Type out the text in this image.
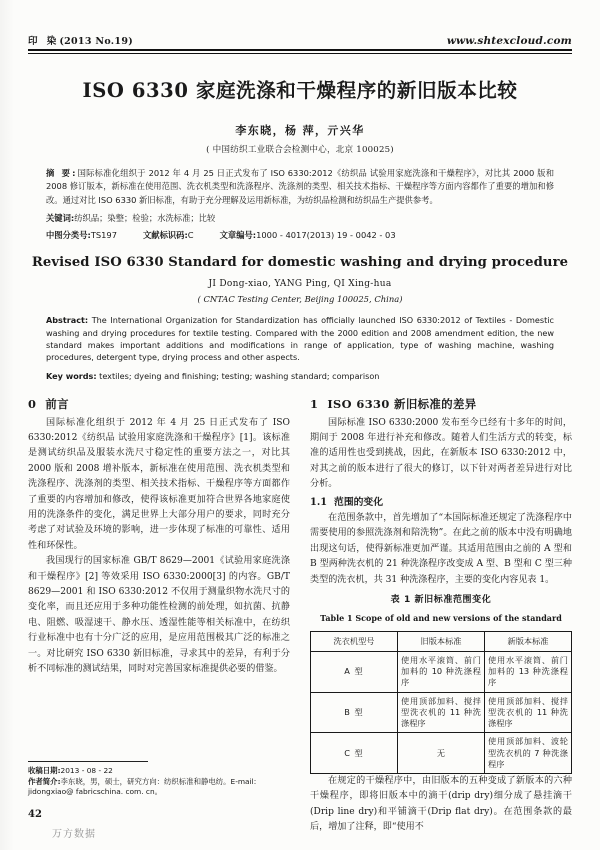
印 染(2013 No.19)	www.shtexcloud.com
ISO 6330 家庭洗涤和干燥程序的新旧版本比较
李东晓，杨 萍，亓兴华
( 中国纺织工业联合会检测中心，北京 100025)
摘 要:国际标准化组织于 2012 年 4 月 25 日正式发布了 ISO 6330:2012《纺织品 试验用家庭洗涤和干燥程序》，对比其 2000 版和 2008 修订版本，新标准在使用范围、洗衣机类型和洗涤程序、洗涤剂的类型、相关技术指标、干燥程序等方面内容都作了重要的增加和修改。通过对比 ISO 6330 新旧标准，有助于充分理解及运用新标准，为纺织品检测和纺织品生产提供参考。
关键词:纺织品；染整；检验；水洗标准；比较
中图分类号:TS197	文献标识码:C	文章编号:1000 - 4017(2013) 19 - 0042 - 03
Revised ISO 6330 Standard for domestic washing and drying procedure
JI Dong-xiao, YANG Ping, QI Xing-hua
( CNTAC Testing Center, Beijing 100025, China)
Abstract: The International Organization for Standardization has officially launched ISO 6330:2012 of Textiles - Domestic washing and drying procedures for textile testing. Compared with the 2000 edition and 2008 amendment edition, the new standard makes important additions and modifications in range of application, type of washing machine, washing procedures, detergent type, drying process and other aspects.
Key words: textiles; dyeing and finishing; testing; washing standard; comparison
0 前言

国际标准化组织于 2012 年 4 月 25 日正式发布了 ISO 6330:2012《纺织品 试验用家庭洗涤和干燥程序》[1]。该标准是测试纺织品及服装水洗尺寸稳定性的重要方法之一，对比其 2000 版和 2008 增补版本，新标准在使用范围、洗衣机类型和洗涤程序、洗涤剂的类型、相关技术指标、干燥程序等方面都作了重要的内容增加和修改，使得该标准更加符合世界各地家庭使用的洗涤条件的变化，满足世界上大部分用户的要求，同时充分考虑了对试验及环境的影响，进一步体现了标准的可靠性、适用性和环保性。

我国现行的国家标准 GB/T 8629—2001《试验用家庭洗涤和干燥程序》[2] 等效采用 ISO 6330:2000[3] 的内容。GB/T 8629—2001 和 ISO 6330:2012 不仅用于测量织物水洗尺寸的变化率，而且还应用于多种功能性检测的前处理，如抗菌、抗静电、阻燃、吸湿速干、静水压、透湿性能等相关标准中，在纺织行业标准中也有十分广泛的应用，是应用范围极其广泛的标准之一。对比研究 ISO 6330 新旧标准，寻求其中的差异，有利于分析不同标准的测试结果，同时对完善国家标准提供必要的借鉴。

1 ISO 6330 新旧标准的差异

国际标准 ISO 6330:2000 发布至今已经有十多年的时间，期间于 2008 年进行补充和修改。随着人们生活方式的转变，标准的适用性也受到挑战，因此，在新版本 ISO 6330:2012 中，对其之前的版本进行了很大的修订，以下针对两者差异进行对比分析。

1.1 范围的变化

在范围条款中，首先增加了“本国际标准还规定了洗涤程序中需要使用的参照洗涤剂和陪洗物”。在此之前的版本中没有明确地出现这句话，使得新标准更加严谨。其适用范围由之前的 A 型和 B 型两种洗衣机的 21 种洗涤程序改变成 A 型、B 型和 C 型三种类型的洗衣机，共 31 种洗涤程序，主要的变化内容见表 1。

表 1 新旧标准范围变化
Table 1 Scope of old and new versions of the standard
洗衣机型号	旧版本标准	新版本标准
A 型	使用水平滚筒、前门加料的 10 种洗涤程序	使用水平滚筒、前门加料的 13 种洗涤程序
B 型	使用顶部加料、搅拌型洗衣机的 11 种洗涤程序	使用顶部加料、搅拌型洗衣机的 11 种洗涤程序
C 型	无	使用顶部加料、波轮型洗衣机的 7 种洗涤程序

在规定的干燥程序中，由旧版本的五种变成了新版本的六种干燥程序，即将旧版本中的滴干(drip dry)细分成了悬挂滴干(Drip line dry)和平铺滴干(Drip flat dry)。在范围条款的最后，增加了注释，即“使用不

收稿日期:2013 - 08 - 22
作者简介:李东晓，男，硕士，研究方向：纺织标准和静电纺。E-mail: jidongxiao@ fabricschina. com. cn。
42
万方数据
